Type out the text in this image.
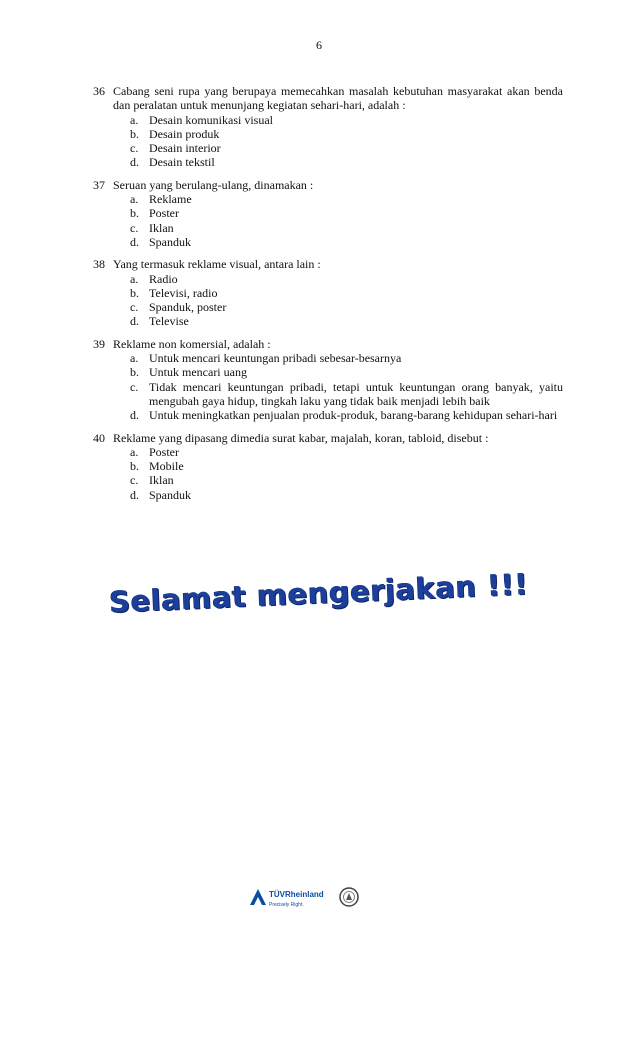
6
36 Cabang seni rupa yang berupaya memecahkan masalah kebutuhan masyarakat akan benda dan peralatan untuk menunjang kegiatan sehari-hari, adalah :
a. Desain komunikasi visual
b. Desain produk
c. Desain interior
d. Desain tekstil
37 Seruan yang berulang-ulang, dinamakan :
a. Reklame
b. Poster
c. Iklan
d. Spanduk
38 Yang termasuk reklame visual, antara lain :
a. Radio
b. Televisi, radio
c. Spanduk, poster
d. Televise
39 Reklame non komersial, adalah :
a. Untuk mencari keuntungan pribadi sebesar-besarnya
b. Untuk mencari uang
c. Tidak mencari keuntungan pribadi, tetapi untuk keuntungan orang banyak, yaitu mengubah gaya hidup, tingkah laku yang tidak baik menjadi lebih baik
d. Untuk meningkatkan penjualan produk-produk, barang-barang kehidupan sehari-hari
40 Reklame yang dipasang dimedia surat kabar, majalah, koran, tabloid, disebut :
a. Poster
b. Mobile
c. Iklan
d. Spanduk
Selamat mengerjakan !!!
TÜVRheinland
Precisely Right.
